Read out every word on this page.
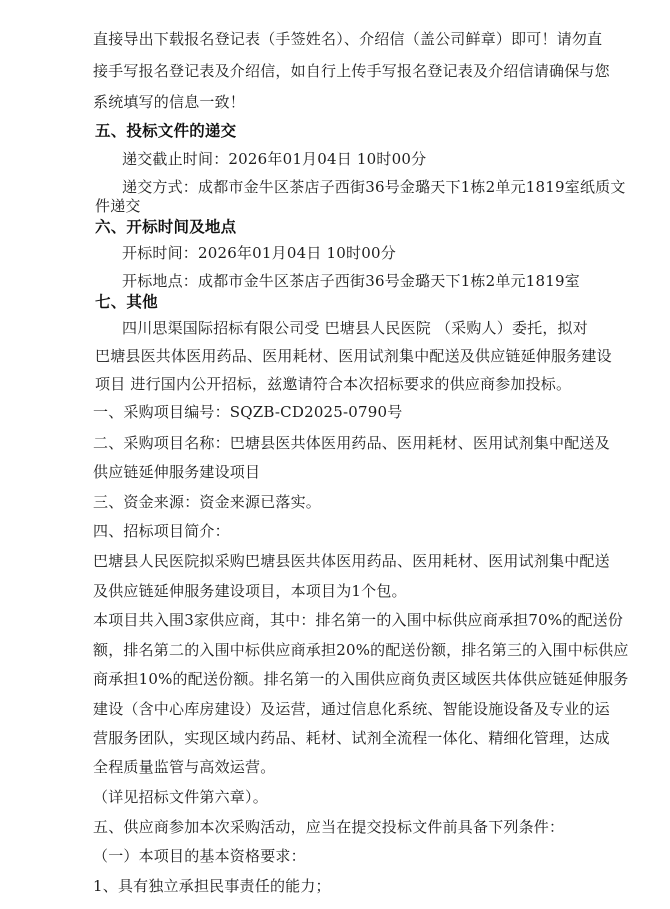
直接导出下载报名登记表（手签姓名）、介绍信（盖公司鲜章）即可！请勿直
接手写报名登记表及介绍信，如自行上传手写报名登记表及介绍信请确保与您
系统填写的信息一致！
五、投标文件的递交
递交截止时间：2026年01月04日 10时00分
递交方式：成都市金牛区茶店子西街36号金璐天下1栋2单元1819室纸质文
件递交
六、开标时间及地点
开标时间：2026年01月04日 10时00分
开标地点：成都市金牛区茶店子西街36号金璐天下1栋2单元1819室
七、其他
四川思渠国际招标有限公司受 巴塘县人民医院 （采购人）委托，拟对
巴塘县医共体医用药品、医用耗材、医用试剂集中配送及供应链延伸服务建设
项目 进行国内公开招标，兹邀请符合本次招标要求的供应商参加投标。
一、采购项目编号：SQZB-CD2025-0790号
二、采购项目名称：巴塘县医共体医用药品、医用耗材、医用试剂集中配送及
供应链延伸服务建设项目
三、资金来源：资金来源已落实。
四、招标项目简介：
巴塘县人民医院拟采购巴塘县医共体医用药品、医用耗材、医用试剂集中配送
及供应链延伸服务建设项目，本项目为1个包。
本项目共入围3家供应商，其中：排名第一的入围中标供应商承担70%的配送份
额，排名第二的入围中标供应商承担20%的配送份额，排名第三的入围中标供应
商承担10%的配送份额。排名第一的入围供应商负责区域医共体供应链延伸服务
建设（含中心库房建设）及运营，通过信息化系统、智能设施设备及专业的运
营服务团队，实现区域内药品、耗材、试剂全流程一体化、精细化管理，达成
全程质量监管与高效运营。
（详见招标文件第六章）。
五、供应商参加本次采购活动，应当在提交投标文件前具备下列条件：
（一）本项目的基本资格要求：
1、具有独立承担民事责任的能力；
